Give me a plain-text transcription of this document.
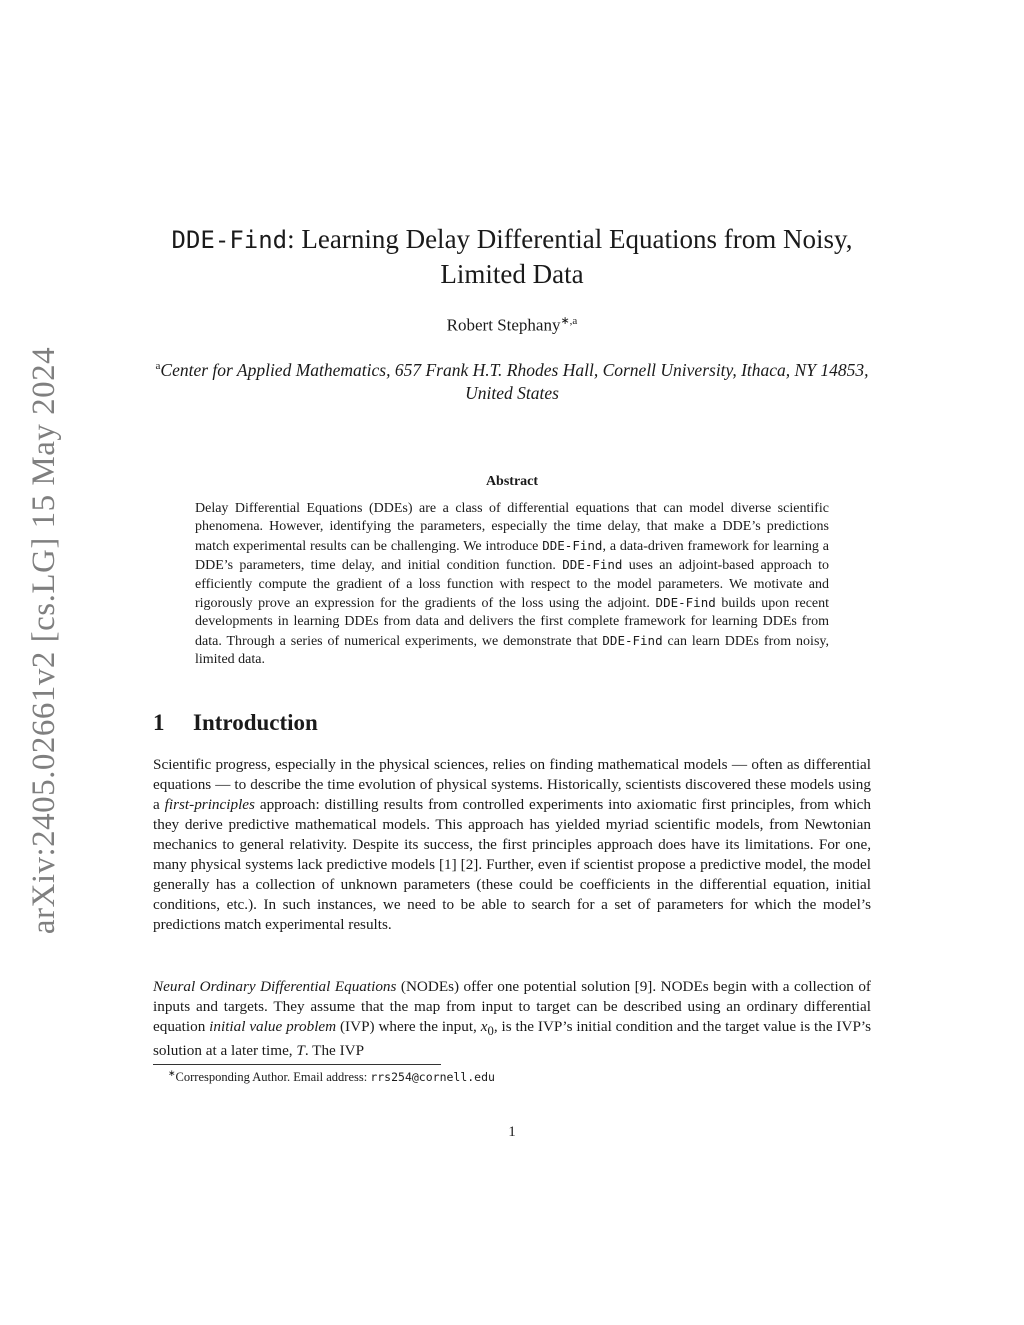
arXiv:2405.02661v2 [cs.LG] 15 May 2024
DDE-Find: Learning Delay Differential Equations from Noisy, Limited Data
Robert Stephany$^{∗,a}$
$^a$Center for Applied Mathematics, 657 Frank H.T. Rhodes Hall, Cornell University, Ithaca, NY 14853, United States
Abstract

Delay Differential Equations (DDEs) are a class of differential equations that can model diverse scientific phenomena. However, identifying the parameters, especially the time delay, that make a DDE’s predictions match experimental results can be challenging. We introduce DDE-Find, a data-driven framework for learning a DDE’s parameters, time delay, and initial condition function. DDE-Find uses an adjoint-based approach to efficiently compute the gradient of a loss function with respect to the model parameters. We motivate and rigorously prove an expression for the gradients of the loss using the adjoint. DDE-Find builds upon recent developments in learning DDEs from data and delivers the first complete framework for learning DDEs from data. Through a series of numerical experiments, we demonstrate that DDE-Find can learn DDEs from noisy, limited data.

1 Introduction

Scientific progress, especially in the physical sciences, relies on finding mathematical models — often as differential equations — to describe the time evolution of physical systems. Historically, scientists discovered these models using a first-principles approach: distilling results from controlled experiments into axiomatic first principles, from which they derive predictive mathematical models. This approach has yielded myriad scientific models, from Newtonian mechanics to general relativity. Despite its success, the first principles approach does have its limitations. For one, many physical systems lack predictive models [1] [2]. Further, even if scientist propose a predictive model, the model generally has a collection of unknown parameters (these could be coefficients in the differential equation, initial conditions, etc.). In such instances, we need to be able to search for a set of parameters for which the model’s predictions match experimental results.

Neural Ordinary Differential Equations (NODEs) offer one potential solution [9]. NODEs begin with a collection of inputs and targets. They assume that the map from input to target can be described using an ordinary differential equation initial value problem (IVP) where the input, $x_0$, is the IVP’s initial condition and the target value is the IVP’s solution at a later time, T. The IVP

∗Corresponding Author. Email address: rrs254@cornell.edu
1
